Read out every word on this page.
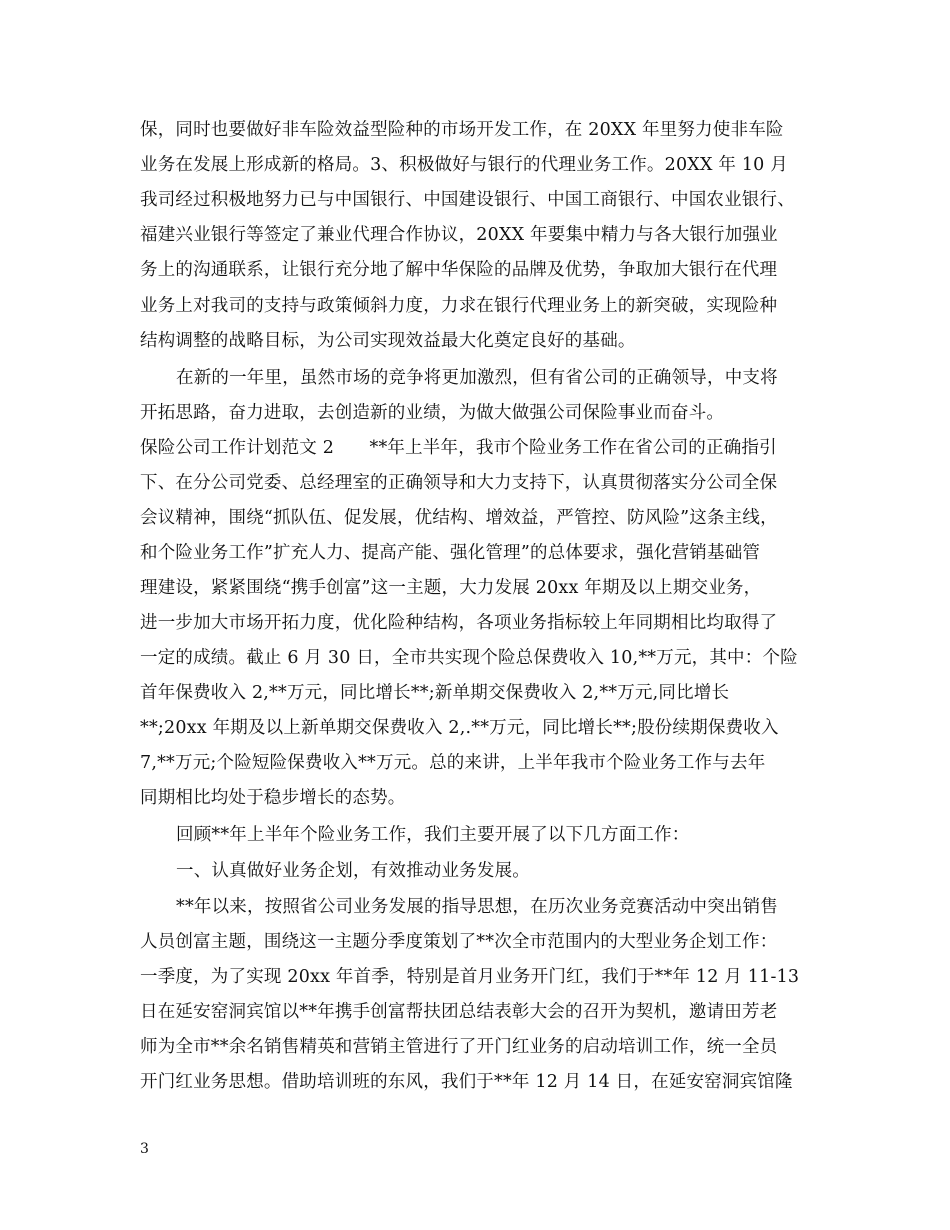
保，同时也要做好非车险效益型险种的市场开发工作，在 20XX 年里努力使非车险
业务在发展上形成新的格局。3、积极做好与银行的代理业务工作。20XX 年 10 月
我司经过积极地努力已与中国银行、中国建设银行、中国工商银行、中国农业银行、
福建兴业银行等签定了兼业代理合作协议，20XX 年要集中精力与各大银行加强业
务上的沟通联系，让银行充分地了解中华保险的品牌及优势，争取加大银行在代理
业务上对我司的支持与政策倾斜力度，力求在银行代理业务上的新突破，实现险种
结构调整的战略目标，为公司实现效益最大化奠定良好的基础。
在新的一年里，虽然市场的竞争将更加激烈，但有省公司的正确领导，中支将
开拓思路，奋力进取，去创造新的业绩，为做大做强公司保险事业而奋斗。
保险公司工作计划范文 2　　**年上半年，我市个险业务工作在省公司的正确指引
下、在分公司党委、总经理室的正确领导和大力支持下，认真贯彻落实分公司全保
会议精神，围绕“抓队伍、促发展，优结构、增效益，严管控、防风险”这条主线，
和个险业务工作”扩充人力、提高产能、强化管理”的总体要求，强化营销基础管
理建设，紧紧围绕“携手创富”这一主题，大力发展 20xx 年期及以上期交业务，
进一步加大市场开拓力度，优化险种结构，各项业务指标较上年同期相比均取得了
一定的成绩。截止 6 月 30 日，全市共实现个险总保费收入 10,**万元，其中：个险
首年保费收入 2,**万元，同比增长**;新单期交保费收入 2,**万元,同比增长
**;20xx 年期及以上新单期交保费收入 2,.**万元，同比增长**;股份续期保费收入
7,**万元;个险短险保费收入**万元。总的来讲，上半年我市个险业务工作与去年
同期相比均处于稳步增长的态势。
回顾**年上半年个险业务工作，我们主要开展了以下几方面工作：
一、认真做好业务企划，有效推动业务发展。
**年以来，按照省公司业务发展的指导思想，在历次业务竞赛活动中突出销售
人员创富主题，围绕这一主题分季度策划了**次全市范围内的大型业务企划工作：
一季度，为了实现 20xx 年首季，特别是首月业务开门红，我们于**年 12 月 11-13
日在延安窑洞宾馆以**年携手创富帮扶团总结表彰大会的召开为契机，邀请田芳老
师为全市**余名销售精英和营销主管进行了开门红业务的启动培训工作，统一全员
开门红业务思想。借助培训班的东风，我们于**年 12 月 14 日，在延安窑洞宾馆隆
3
